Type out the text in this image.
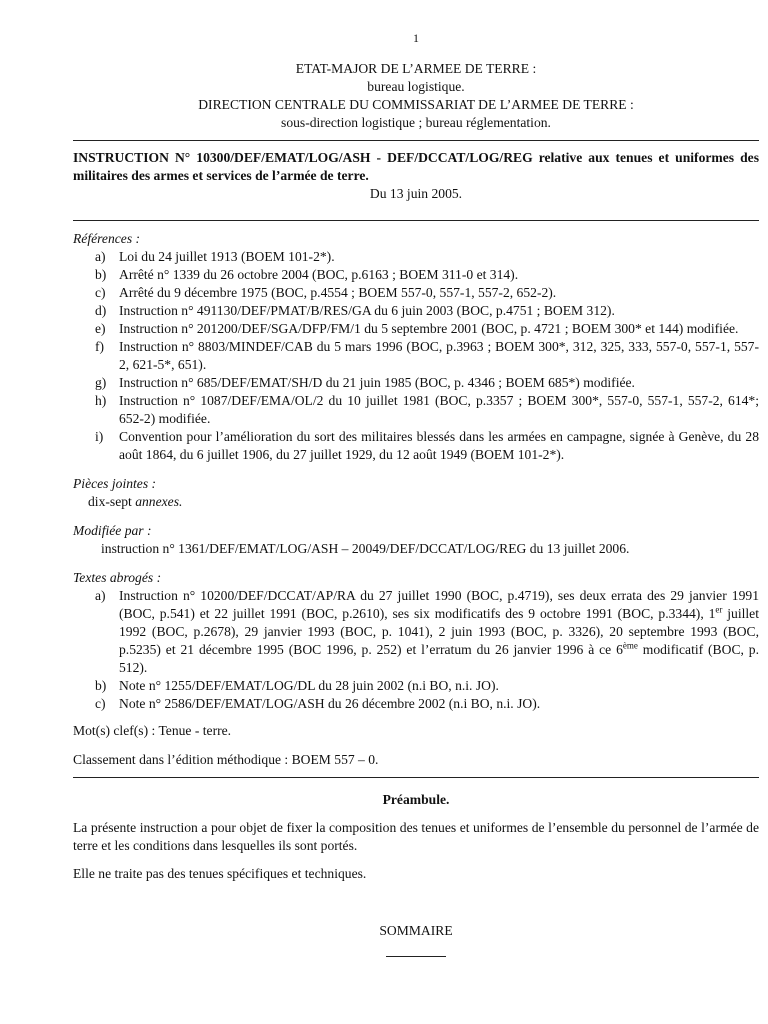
1
ETAT-MAJOR DE L’ARMEE DE TERRE :
bureau logistique.
DIRECTION CENTRALE DU COMMISSARIAT DE L’ARMEE DE TERRE :
sous-direction logistique ; bureau réglementation.
INSTRUCTION N° 10300/DEF/EMAT/LOG/ASH - DEF/DCCAT/LOG/REG relative aux tenues et uniformes des militaires des armes et services de l’armée de terre.
Du 13 juin 2005.
Références :
a) Loi du 24 juillet 1913 (BOEM 101-2*).
b) Arrêté n° 1339 du 26 octobre 2004 (BOC, p.6163 ; BOEM 311-0 et 314).
c) Arrêté du 9 décembre 1975 (BOC, p.4554 ; BOEM 557-0, 557-1, 557-2, 652-2).
d) Instruction n° 491130/DEF/PMAT/B/RES/GA du 6 juin 2003 (BOC, p.4751 ; BOEM 312).
e) Instruction n° 201200/DEF/SGA/DFP/FM/1 du 5 septembre 2001 (BOC, p. 4721 ; BOEM 300* et 144) modifiée.
f) Instruction n° 8803/MINDEF/CAB du 5 mars 1996 (BOC, p.3963 ; BOEM 300*, 312, 325, 333, 557-0, 557-1, 557-2, 621-5*, 651).
g) Instruction n° 685/DEF/EMAT/SH/D du 21 juin 1985 (BOC, p. 4346 ; BOEM 685*) modifiée.
h) Instruction n° 1087/DEF/EMA/OL/2 du 10 juillet 1981 (BOC, p.3357 ; BOEM 300*, 557-0, 557-1, 557-2, 614*; 652-2) modifiée.
i) Convention pour l’amélioration du sort des militaires blessés dans les armées en campagne, signée à Genève, du 28 août 1864, du 6 juillet 1906, du 27 juillet 1929, du 12 août 1949 (BOEM 101-2*).
Pièces jointes :
dix-sept annexes.
Modifiée par :
instruction n° 1361/DEF/EMAT/LOG/ASH – 20049/DEF/DCCAT/LOG/REG du 13 juillet 2006.
Textes abrogés :
a) Instruction n° 10200/DEF/DCCAT/AP/RA du 27 juillet 1990 (BOC, p.4719), ses deux errata des 29 janvier 1991 (BOC, p.541) et 22 juillet 1991 (BOC, p.2610), ses six modificatifs des 9 octobre 1991 (BOC, p.3344), 1er juillet 1992 (BOC, p.2678), 29 janvier 1993 (BOC, p. 1041), 2 juin 1993 (BOC, p. 3326), 20 septembre 1993 (BOC, p.5235) et 21 décembre 1995 (BOC 1996, p. 252) et l’erratum du 26 janvier 1996 à ce 6ème modificatif (BOC, p. 512).
b) Note n° 1255/DEF/EMAT/LOG/DL du 28 juin 2002 (n.i BO, n.i. JO).
c) Note n° 2586/DEF/EMAT/LOG/ASH du 26 décembre 2002 (n.i BO, n.i. JO).
Mot(s) clef(s) : Tenue - terre.
Classement dans l’édition méthodique : BOEM 557 – 0.
Préambule.
La présente instruction a pour objet de fixer la composition des tenues et uniformes de l’ensemble du personnel de l’armée de terre et les conditions dans lesquelles ils sont portés.
Elle ne traite pas des tenues spécifiques et techniques.
SOMMAIRE
